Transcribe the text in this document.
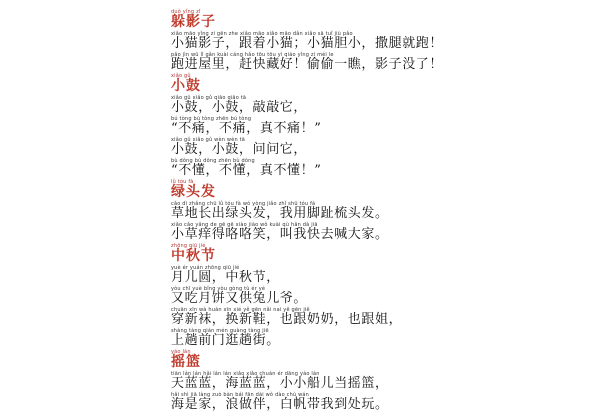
duǒ yǐng zǐ
躲影子
xiǎo māo yǐng zi gēn zhe xiǎo māo xiǎo māo dǎn xiǎo sā tuǐ jiù pǎo
小猫影子，跟着小猫；小猫胆小，撒腿就跑！
pǎo jìn wū lǐ gǎn kuài cáng hǎo tōu tōu yì qiáo yǐng zi méi le
跑进屋里，赶快藏好！偷偷一瞧，影子没了！
xiǎo gǔ
小鼓
xiǎo gǔ xiǎo gǔ qiāo qiāo tā
小鼓，小鼓，敲敲它，
bú tòng bú tòng zhēn bú tòng
“不痛，不痛，真不痛！”
xiǎo gǔ xiǎo gǔ wèn wèn tā
小鼓，小鼓，问问它，
bù dǒng bù dǒng zhēn bù dǒng
“不懂，不懂，真不懂！”
lǜ tóu fà
绿头发
cǎo dì zhǎng chū lǜ tóu fà wǒ yòng jiǎo zhǐ shū tóu fà
草地长出绿头发，我用脚趾梳头发。
xiǎo cǎo yǎng de gē gē xiào jiào wǒ kuài qù hǎn dà jiā
小草痒得咯咯笑，叫我快去喊大家。
zhōng qiū jié
中秋节
yuè ér yuán zhōng qiū jié
月儿圆，中秋节，
yòu chī yuè bǐng yòu gòng tù ér yé
又吃月饼又供兔儿爷。
chuān xīn wà huàn xīn xié yě gēn nǎi nai yě gēn jiě
穿新袜，换新鞋，也跟奶奶，也跟姐，
shàng tàng qián mén guàng tàng jiē
上趟前门逛趟街。
yáo lán
摇篮
tiān lán lán hǎi lán lán xiǎo xiǎo chuán ér dāng yáo lán
天蓝蓝，海蓝蓝，小小船儿当摇篮，
hǎi shì jiā làng zuò bàn bái fān dài wǒ dào chù wán
海是家，浪做伴，白帆带我到处玩。
